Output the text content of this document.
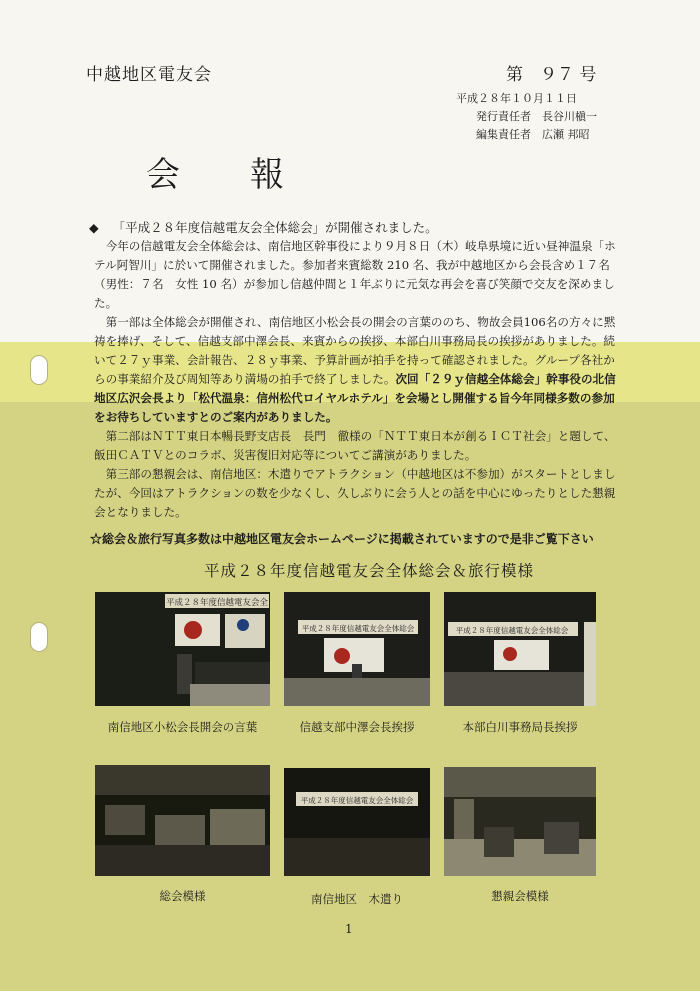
中越地区電友会	第　９７ 号
平成２８年１０月１１日
発行責任者　長谷川槇一
編集責任者　広瀬 邦昭
会　報
◆ 「平成２８年度信越電友会全体総会」が開催されました。

今年の信越電友会全体総会は、南信地区幹事役により９月８日（木）岐阜県境に近い昼神温泉「ホテル阿智川」に於いて開催されました。参加者来賓総数 210 名、我が中越地区から会長含め１７名（男性：７名　女性 10 名）が参加し信越仲間と１年ぶりに元気な再会を喜び笑顔で交友を深めました。

第一部は全体総会が開催され、南信地区小松会長の開会の言葉ののち、物故会員106名の方々に黙祷を捧げ、そして、信越支部中澤会長、来賓からの挨拶、本部白川事務局長の挨拶がありました。続いて２７ｙ事業、会計報告、２８ｙ事業、予算計画が拍手を持って確認されました。グループ各社からの事業紹介及び周知等あり満場の拍手で終了しました。次回「２９ｙ信越全体総会」幹事役の北信地区広沢会長より「松代温泉：信州松代ロイヤルホテル」を会場とし開催する旨今年同様多数の参加をお待ちしていますとのご案内がありました。

第二部はＮＴＴ東日本暢長野支店長　長門　徹様の「ＮＴＴ東日本が創るＩＣＴ社会」と題して、飯田ＣＡＴＶとのコラボ、災害復旧対応等についてご講演がありました。

第三部の懇親会は、南信地区：木遣りでアトラクション（中越地区は不参加）がスタートとしましたが、今回はアトラクションの数を少なくし、久しぶりに会う人との話を中心にゆったりとした懇親会となりました。

☆総会＆旅行写真多数は中越地区電友会ホームページに掲載されていますので是非ご覧下さい
平成２８年度信越電友会全体総会＆旅行模様
平成２８年度信越電友会全
南信地区小松会長開会の言葉
平成２８年度信越電友会全体総会
信越支部中澤会長挨拶
平成２８年度信越電友会全体総会
本部白川事務局長挨拶
総会模様
平成２８年度信越電友会全体総会
南信地区　木遣り	懇親会模様
1
